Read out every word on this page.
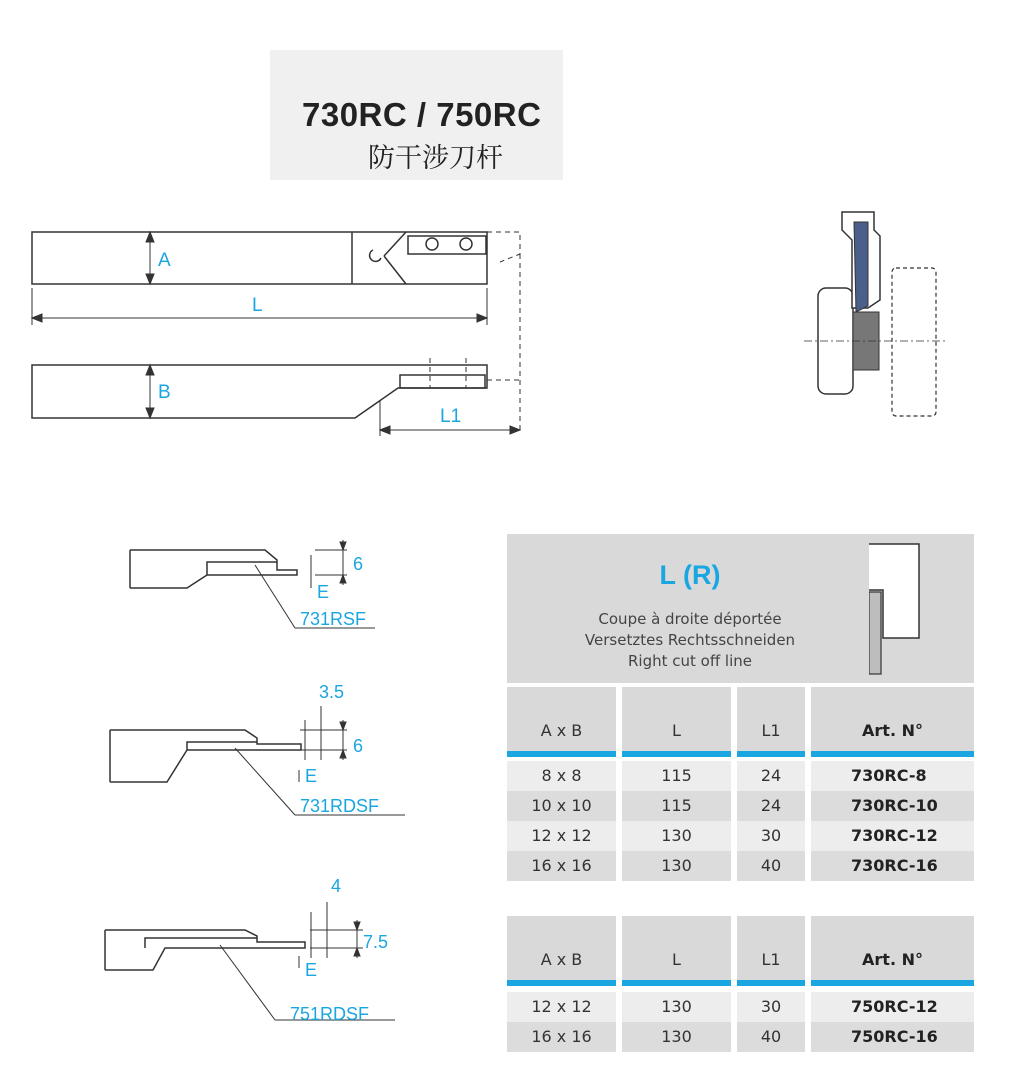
730RC / 750RC
防干涉刀杆
A
L
B
L1
6
E
731RSF
3.5
6
E
731RDSF
4
7.5
E
751RDSF
L (R)
Coupe à droite déportée
Versetztes Rechtsschneiden
Right cut off line
A x B	L	L1	Art. N°
8 x 8	115	24	730RC-8
10 x 10	115	24	730RC-10
12 x 12	130	30	730RC-12
16 x 16	130	40	730RC-16
A x B	L	L1	Art. N°
12 x 12	130	30	750RC-12
16 x 16	130	40	750RC-16
